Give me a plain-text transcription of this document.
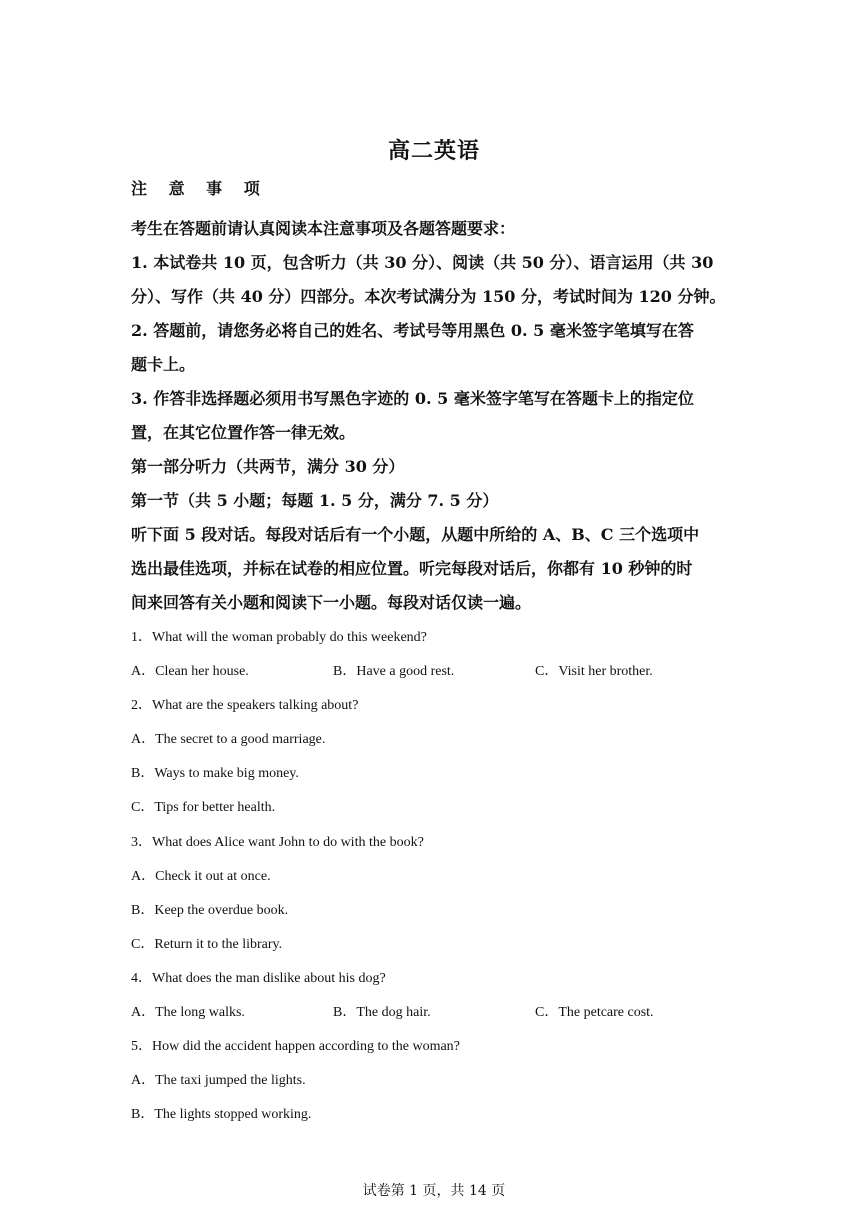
高二英语
注 意 事 项
考生在答题前请认真阅读本注意事项及各题答题要求：
1. 本试卷共 10 页，包含听力（共 30 分）、阅读（共 50 分）、语言运用（共 30
分）、写作（共 40 分）四部分。本次考试满分为 150 分，考试时间为 120 分钟。
2. 答题前，请您务必将自己的姓名、考试号等用黑色 0. 5 毫米签字笔填写在答
题卡上。
3. 作答非选择题必须用书写黑色字迹的 0. 5 毫米签字笔写在答题卡上的指定位
置，在其它位置作答一律无效。
第一部分听力（共两节，满分 30 分）
第一节（共 5 小题；每题 1. 5 分，满分 7. 5 分）
听下面 5 段对话。每段对话后有一个小题，从题中所给的 A、B、C 三个选项中
选出最佳选项，并标在试卷的相应位置。听完每段对话后，你都有 10 秒钟的时
间来回答有关小题和阅读下一小题。每段对话仅读一遍。
1．What will the woman probably do this weekend?
A．Clean her house.	B．Have a good rest.	C．Visit her brother.
2．What are the speakers talking about?
A．The secret to a good marriage.
B．Ways to make big money.
C．Tips for better health.
3．What does Alice want John to do with the book?
A．Check it out at once.
B．Keep the overdue book.
C．Return it to the library.
4．What does the man dislike about his dog?
A．The long walks.	B．The dog hair.	C．The petcare cost.
5．How did the accident happen according to the woman?
A．The taxi jumped the lights.
B．The lights stopped working.
试卷第 1 页，共 14 页
